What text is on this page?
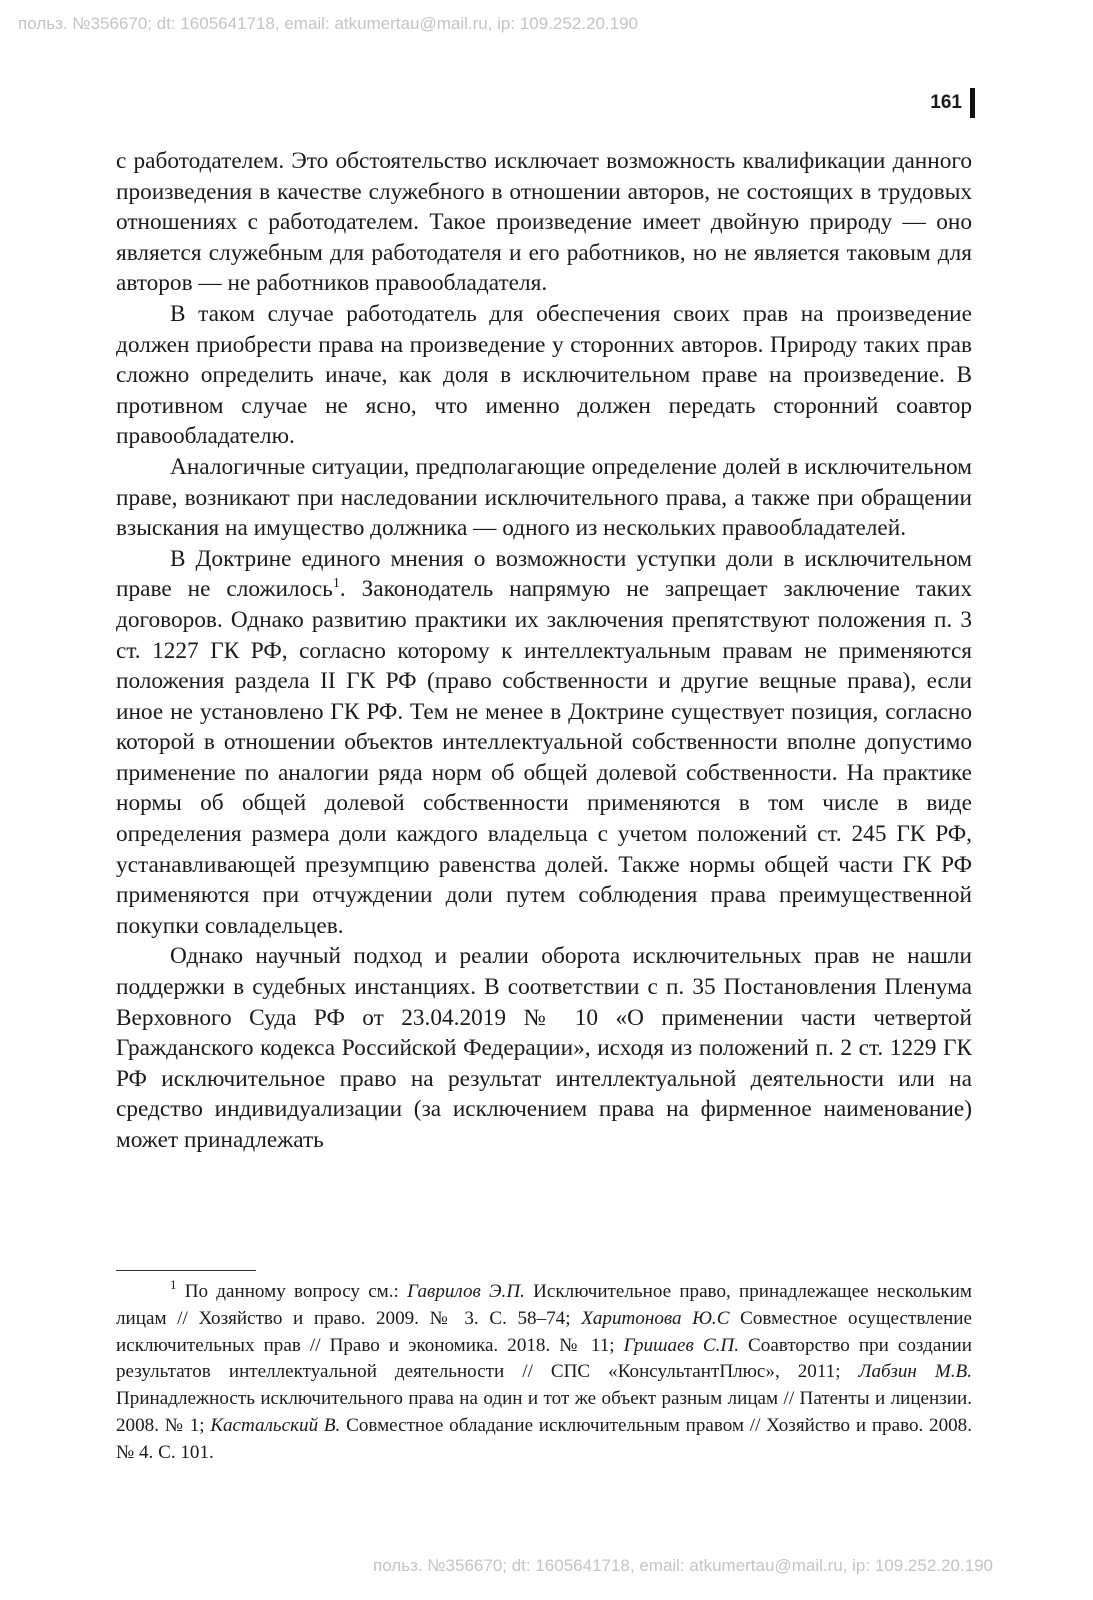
польз. №356670; dt: 1605641718, email: atkumertau@mail.ru, ip: 109.252.20.190
161

с работодателем. Это обстоятельство исключает возможность квалификации данного произведения в качестве служебного в отношении авторов, не состоящих в трудовых отношениях с работодателем. Такое произведение имеет двойную природу — оно является служебным для работодателя и его работников, но не является таковым для авторов — не работников правообладателя.

В таком случае работодатель для обеспечения своих прав на произведение должен приобрести права на произведение у сторонних авторов. Природу таких прав сложно определить иначе, как доля в исключительном праве на произведение. В противном случае не ясно, что именно должен передать сторонний соавтор правообладателю.

Аналогичные ситуации, предполагающие определение долей в исключительном праве, возникают при наследовании исключительного права, а также при обращении взыскания на имущество должника — одного из нескольких правообладателей.

В Доктрине единого мнения о возможности уступки доли в исключительном праве не сложилось$^1$. Законодатель напрямую не запрещает заключение таких договоров. Однако развитию практики их заключения препятствуют положения п. 3 ст. 1227 ГК РФ, согласно которому к интеллектуальным правам не применяются положения раздела II ГК РФ (право собственности и другие вещные права), если иное не установлено ГК РФ. Тем не менее в Доктрине существует позиция, согласно которой в отношении объектов интеллектуальной собственности вполне допустимо применение по аналогии ряда норм об общей долевой собственности. На практике нормы об общей долевой собственности применяются в том числе в виде определения размера доли каждого владельца с учетом положений ст. 245 ГК РФ, устанавливающей презумпцию равенства долей. Также нормы общей части ГК РФ применяются при отчуждении доли путем соблюдения права преимущественной покупки совладельцев.

Однако научный подход и реалии оборота исключительных прав не нашли поддержки в судебных инстанциях. В соответствии с п. 35 Постановления Пленума Верховного Суда РФ от 23.04.2019 № 10 «О применении части четвертой Гражданского кодекса Российской Федерации», исходя из положений п. 2 ст. 1229 ГК РФ исключительное право на результат интеллектуальной деятельности или на средство индивидуализации (за исключением права на фирменное наименование) может принадлежать

$^1$ По данному вопросу см.: Гаврилов Э.П. Исключительное право, принадлежащее нескольким лицам // Хозяйство и право. 2009. № 3. С. 58–74; Харитонова Ю.С Совместное осуществление исключительных прав // Право и экономика. 2018. № 11; Гришаев С.П. Соавторство при создании результатов интеллектуальной деятельности // СПС «КонсультантПлюс», 2011; Лабзин М.В. Принадлежность исключительного права на один и тот же объект разным лицам // Патенты и лицензии. 2008. № 1; Кастальский В. Совместное обладание исключительным правом // Хозяйство и право. 2008. № 4. С. 101.

польз. №356670; dt: 1605641718, email: atkumertau@mail.ru, ip: 109.252.20.190
